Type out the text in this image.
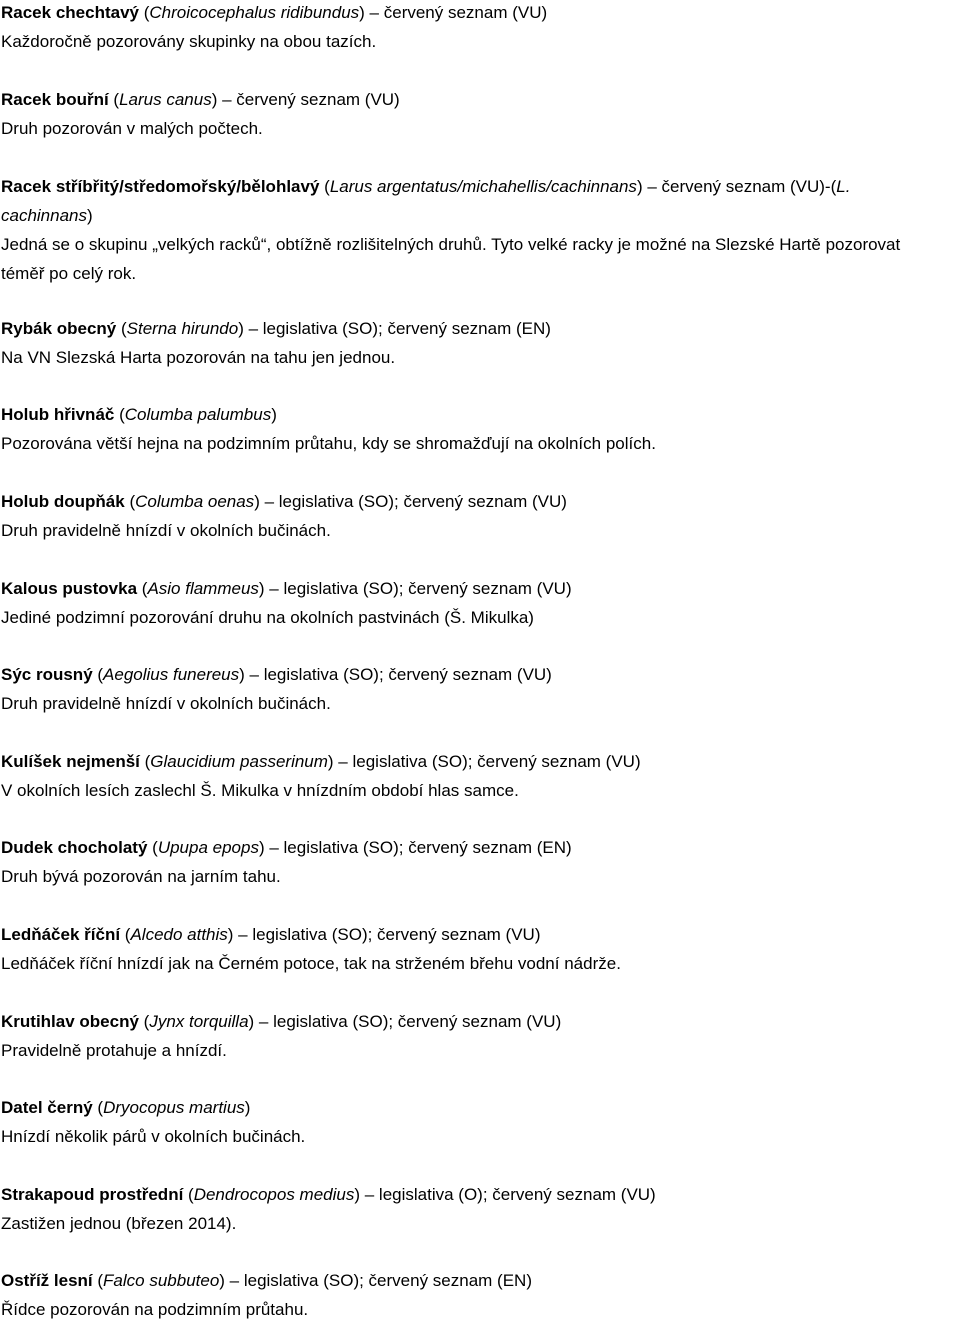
Racek chechtavý (Chroicocephalus ridibundus) – červený seznam (VU)
Každoročně pozorovány skupinky na obou tazích.
Racek bouřní (Larus canus) – červený seznam (VU)
Druh pozorován v malých počtech.
Racek stříbřitý/středomořský/bělohlavý (Larus argentatus/michahellis/cachinnans) – červený seznam (VU)-(L.
cachinnans)
Jedná se o skupinu „velkých racků“, obtížně rozlišitelných druhů. Tyto velké racky je možné na Slezské Hartě pozorovat
téměř po celý rok.
Rybák obecný (Sterna hirundo) – legislativa (SO); červený seznam (EN)
Na VN Slezská Harta pozorován na tahu jen jednou.
Holub hřivnáč (Columba palumbus)
Pozorována větší hejna na podzimním průtahu, kdy se shromažďují na okolních polích.
Holub doupňák (Columba oenas) – legislativa (SO); červený seznam (VU)
Druh pravidelně hnízdí v okolních bučinách.
Kalous pustovka (Asio flammeus) – legislativa (SO); červený seznam (VU)
Jediné podzimní pozorování druhu na okolních pastvinách (Š. Mikulka)
Sýc rousný (Aegolius funereus) – legislativa (SO); červený seznam (VU)
Druh pravidelně hnízdí v okolních bučinách.
Kulíšek nejmenší (Glaucidium passerinum) – legislativa (SO); červený seznam (VU)
V okolních lesích zaslechl Š. Mikulka v hnízdním období hlas samce.
Dudek chocholatý (Upupa epops) – legislativa (SO); červený seznam (EN)
Druh bývá pozorován na jarním tahu.
Ledňáček říční (Alcedo atthis) – legislativa (SO); červený seznam (VU)
Ledňáček říční hnízdí jak na Černém potoce, tak na strženém břehu vodní nádrže.
Krutihlav obecný (Jynx torquilla) – legislativa (SO); červený seznam (VU)
Pravidelně protahuje a hnízdí.
Datel černý (Dryocopus martius)
Hnízdí několik párů v okolních bučinách.
Strakapoud prostřední (Dendrocopos medius) – legislativa (O); červený seznam (VU)
Zastižen jednou (březen 2014).
Ostříž lesní (Falco subbuteo) – legislativa (SO); červený seznam (EN)
Řídce pozorován na podzimním průtahu.
